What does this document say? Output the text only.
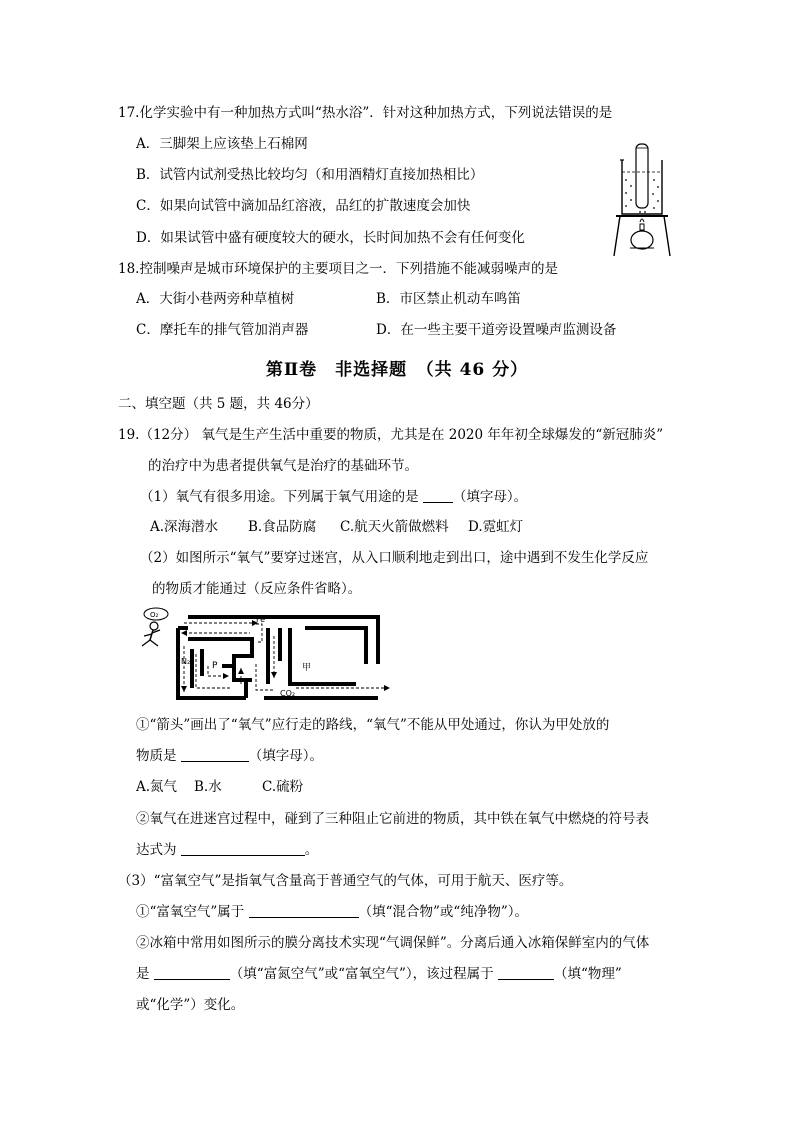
17.化学实验中有一种加热方式叫“热水浴”．针对这种加热方式，下列说法错误的是
A．三脚架上应该垫上石棉网
B．试管内试剂受热比较均匀（和用酒精灯直接加热相比）
C．如果向试管中滴加品红溶液，品红的扩散速度会加快
D．如果试管中盛有硬度较大的硬水，长时间加热不会有任何变化
18.控制噪声是城市环境保护的主要项目之一．下列措施不能减弱噪声的是
A．大街小巷两旁种草植树	B．市区禁止机动车鸣笛
C．摩托车的排气管加消声器	D．在一些主要干道旁设置噪声监测设备
第Ⅱ卷　非选择题　（共 46 分）
二、填空题（共 5 题，共 46分）
19.（12分） 氧气是生产生活中重要的物质，尤其是在 2020 年年初全球爆发的“新冠肺炎”
的治疗中为患者提供氧气是治疗的基础环节。
（1）氧气有很多用途。下列属于氧气用途的是 （填字母）。
A.深海潜水 B.食品防腐 C.航天火箭做燃料 D.霓虹灯
（2）如图所示“氧气”要穿过迷宫，从入口顺利地走到出口，途中遇到不发生化学反应
的物质才能通过（反应条件省略）。
O₂	Fe
N₂ P	甲
CO₂
①“箭头”画出了“氧气”应行走的路线，“氧气”不能从甲处通过，你认为甲处放的
物质是	（填字母）。
A.氮气 B.水	C.硫粉
②氧气在进迷宫过程中，碰到了三种阻止它前进的物质，其中铁在氧气中燃烧的符号表
达式为	。
（3）“富氧空气”是指氧气含量高于普通空气的气体，可用于航天、医疗等。
①“富氧空气”属于	（填“混合物”或“纯净物”）。
②冰箱中常用如图所示的膜分离技术实现“气调保鲜”。分离后通入冰箱保鲜室内的气体
是	（填“富氮空气”或“富氧空气”），该过程属于	（填“物理”
或“化学”）变化。
